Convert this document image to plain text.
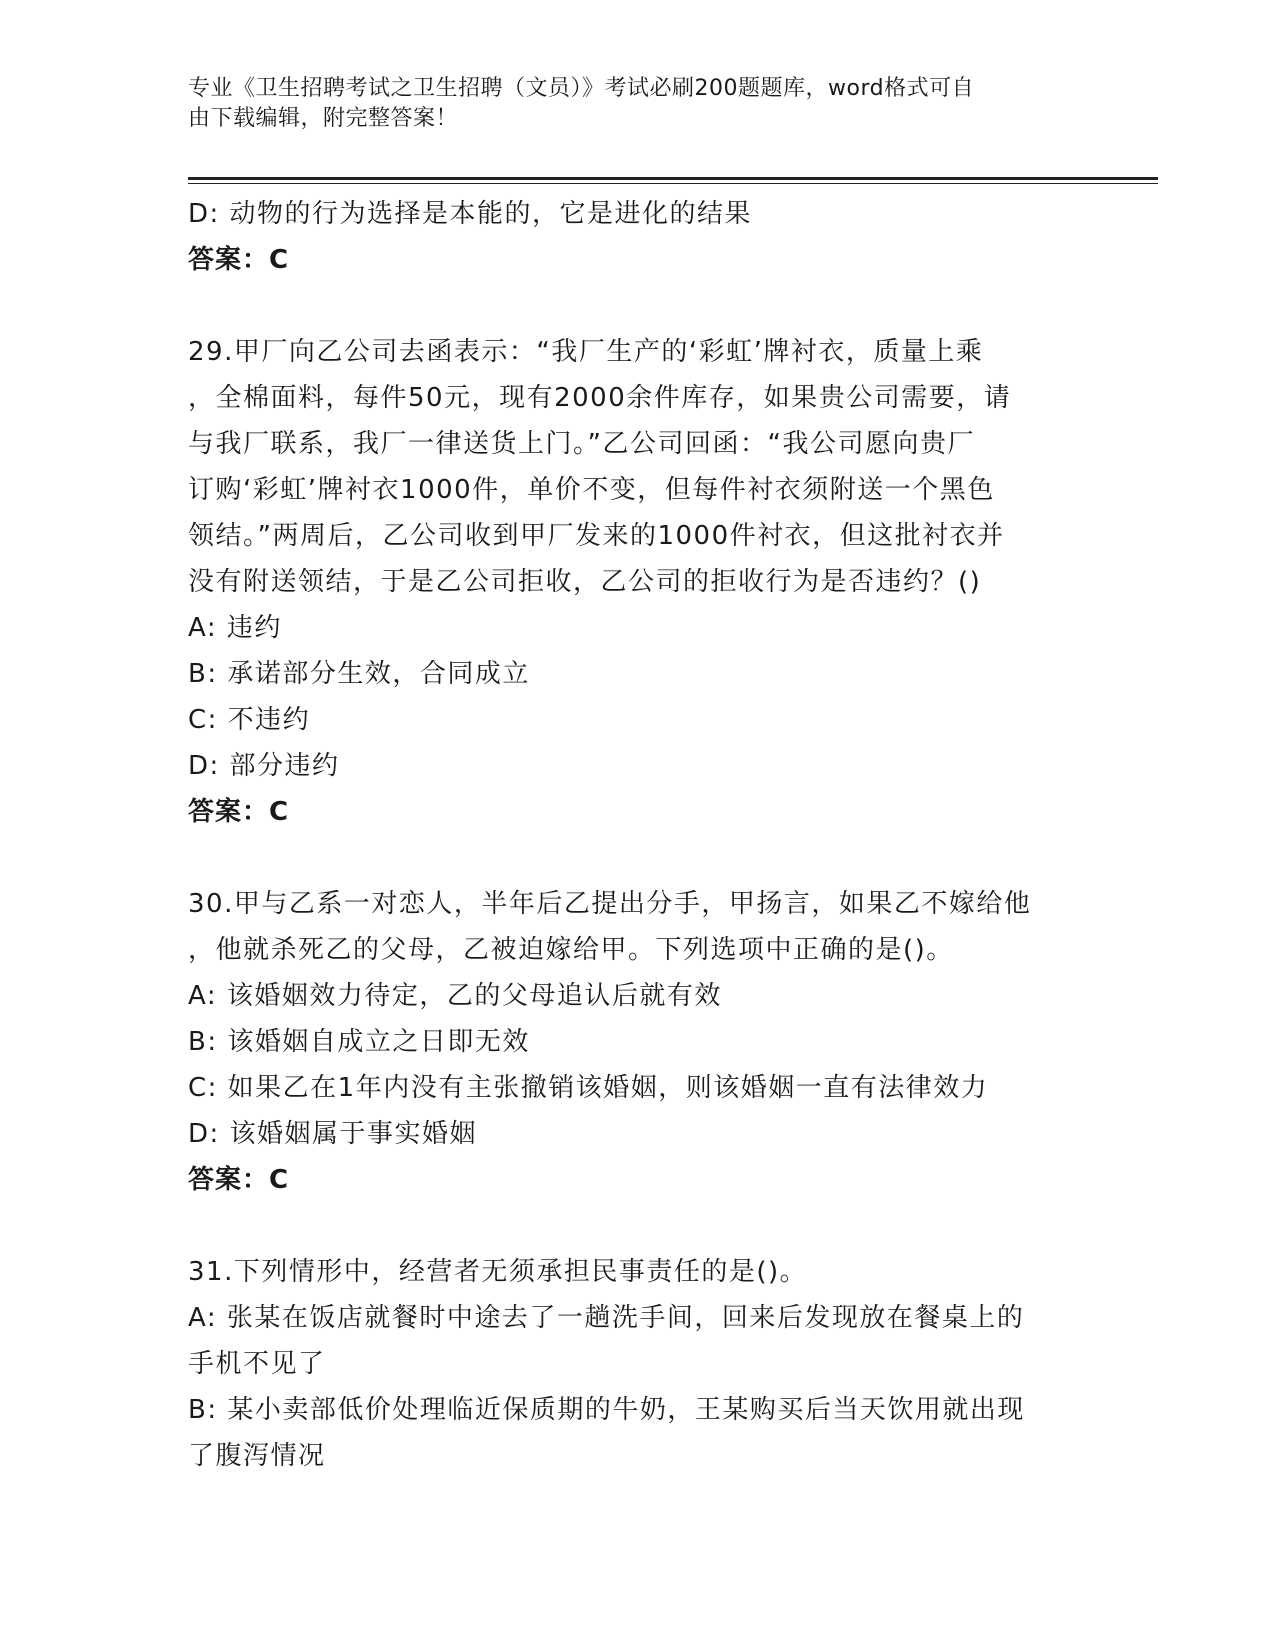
专业《卫生招聘考试之卫生招聘（文员）》考试必刷200题题库，word格式可自
由下载编辑，附完整答案！
D: 动物的行为选择是本能的，它是进化的结果
答案：C
29.甲厂向乙公司去函表示：“我厂生产的‘彩虹’牌衬衣，质量上乘
，全棉面料，每件50元，现有2000余件库存，如果贵公司需要，请
与我厂联系，我厂一律送货上门。”乙公司回函：“我公司愿向贵厂
订购‘彩虹’牌衬衣1000件，单价不变，但每件衬衣须附送一个黑色
领结。”两周后，乙公司收到甲厂发来的1000件衬衣，但这批衬衣并
没有附送领结，于是乙公司拒收，乙公司的拒收行为是否违约？()
A: 违约
B: 承诺部分生效，合同成立
C: 不违约
D: 部分违约
答案：C
30.甲与乙系一对恋人，半年后乙提出分手，甲扬言，如果乙不嫁给他
，他就杀死乙的父母，乙被迫嫁给甲。下列选项中正确的是()。
A: 该婚姻效力待定，乙的父母追认后就有效
B: 该婚姻自成立之日即无效
C: 如果乙在1年内没有主张撤销该婚姻，则该婚姻一直有法律效力
D: 该婚姻属于事实婚姻
答案：C
31.下列情形中，经营者无须承担民事责任的是()。
A: 张某在饭店就餐时中途去了一趟洗手间，回来后发现放在餐桌上的
手机不见了
B: 某小卖部低价处理临近保质期的牛奶，王某购买后当天饮用就出现
了腹泻情况
